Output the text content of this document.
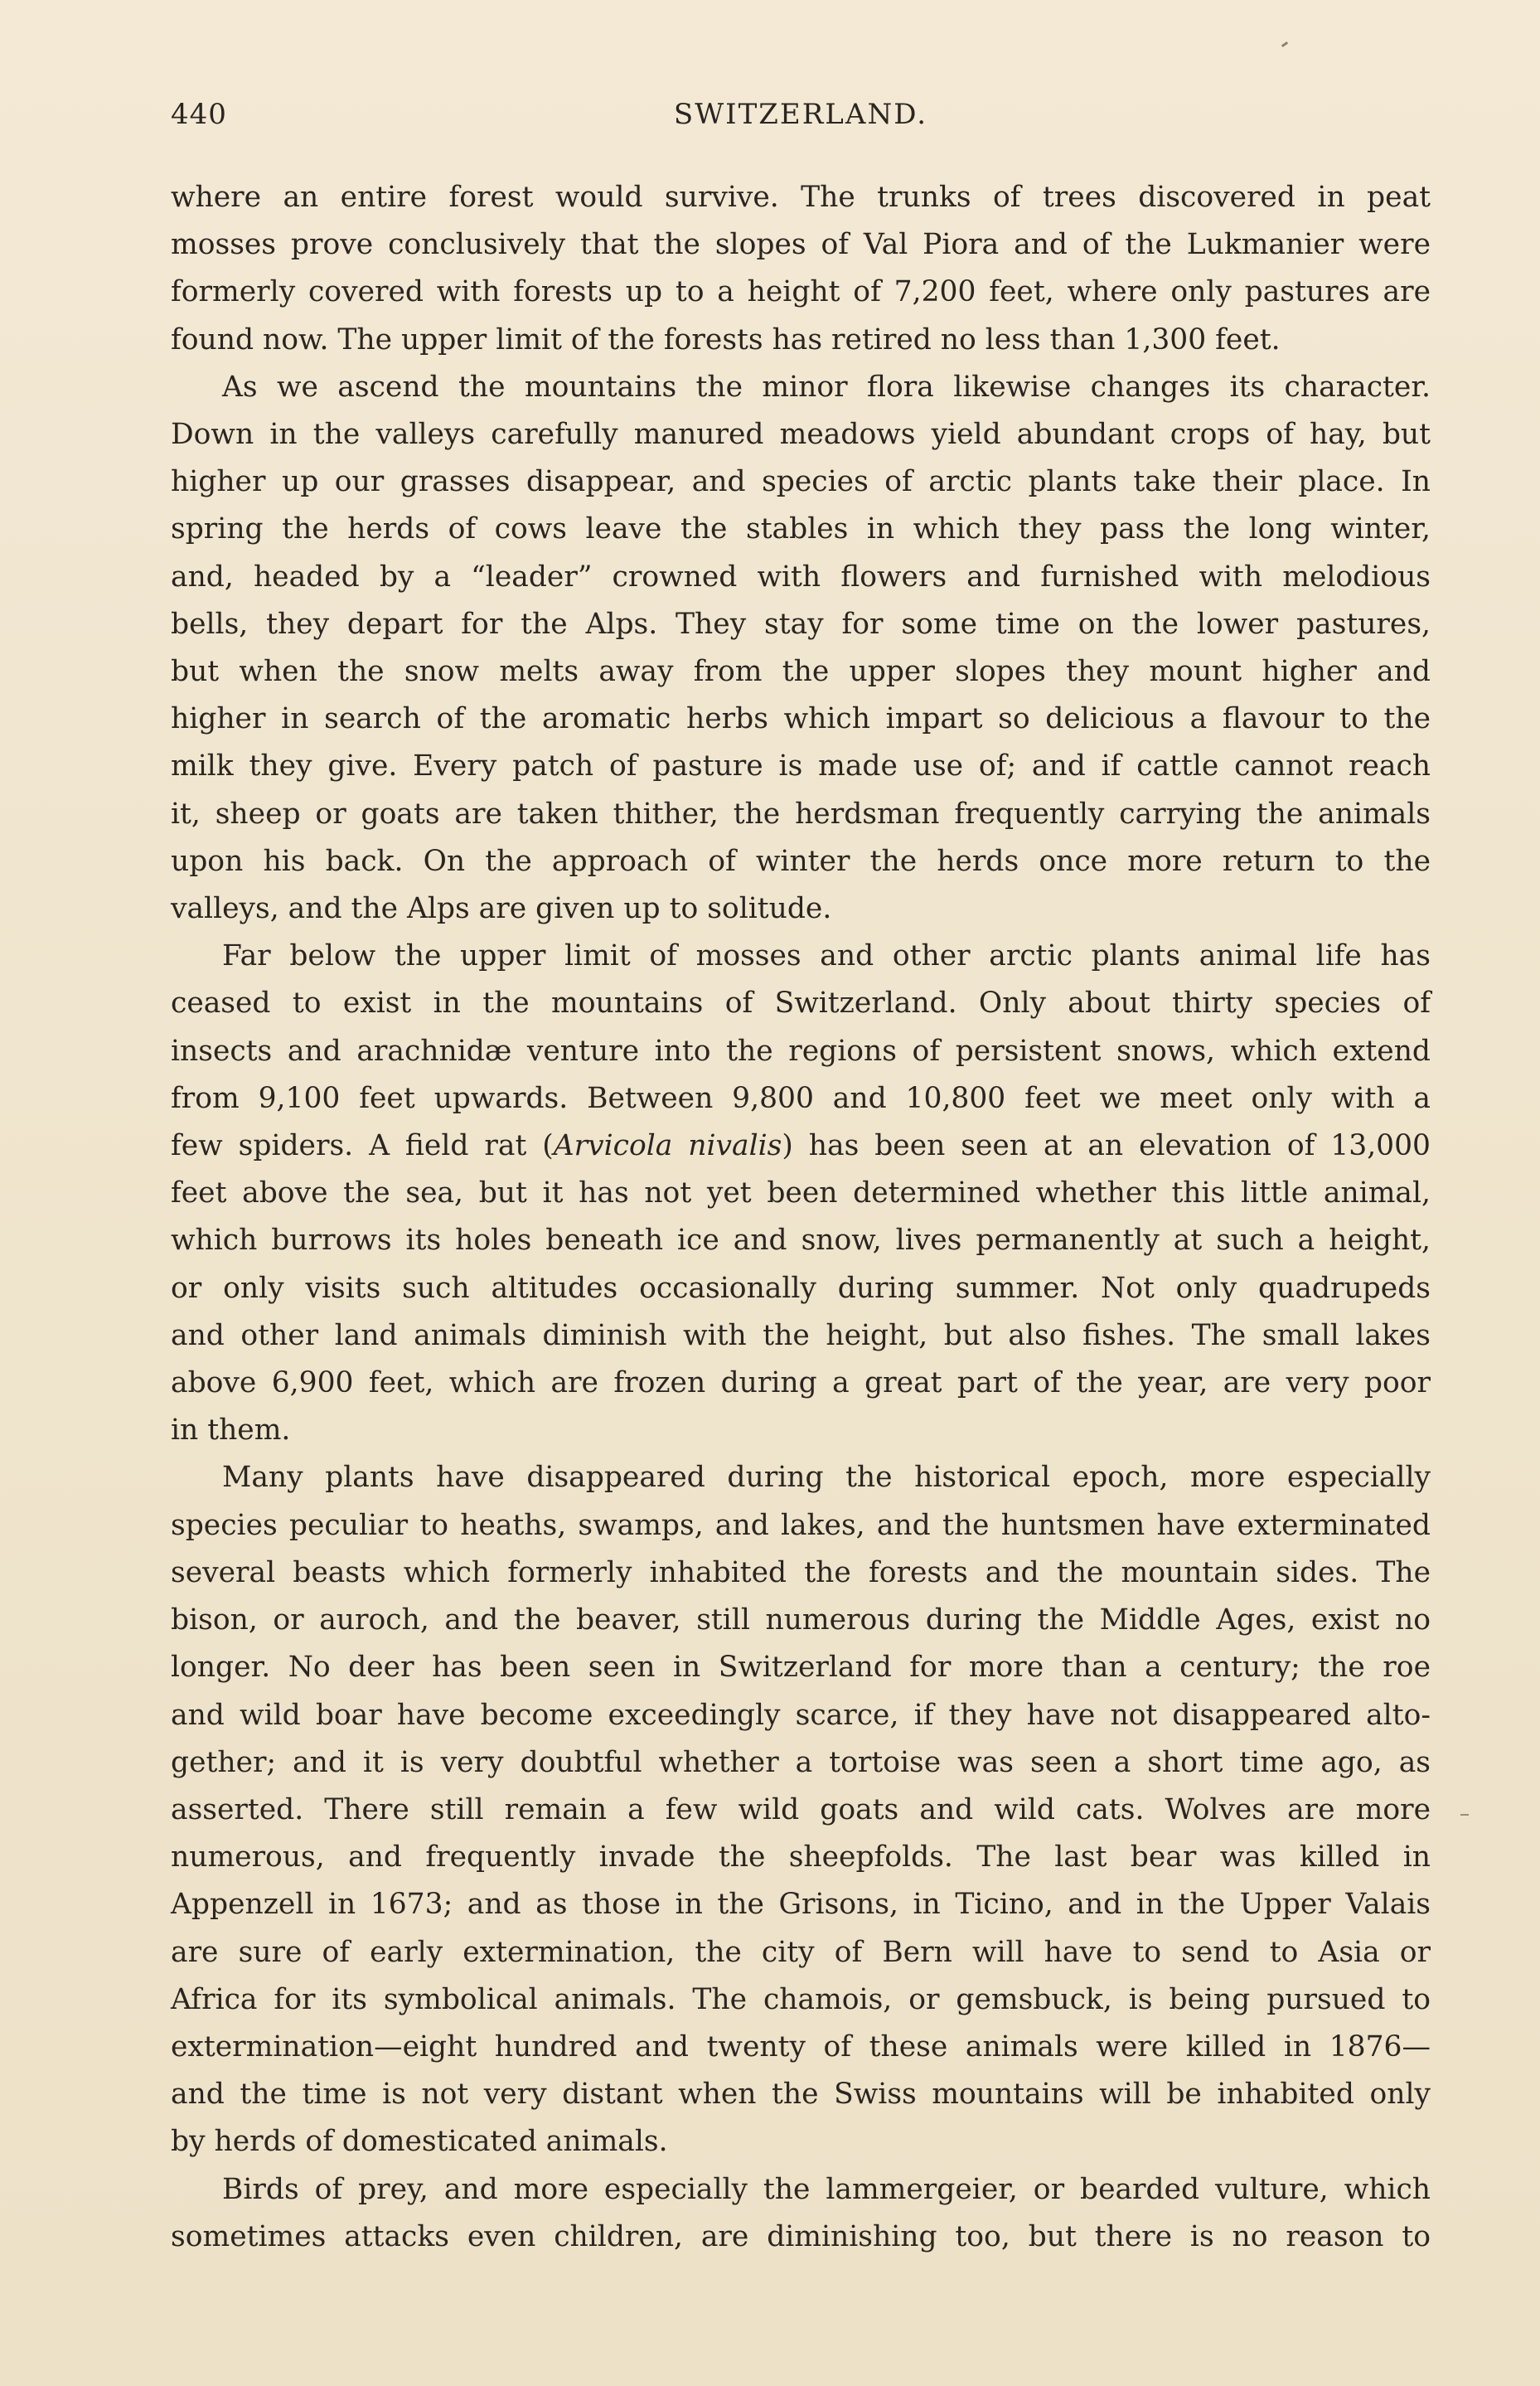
440	SWITZERLAND.

where an entire forest would survive. The trunks of trees discovered in peat
mosses prove conclusively that the slopes of Val Piora and of the Lukmanier were
formerly covered with forests up to a height of 7,200 feet, where only pastures are
found now. The upper limit of the forests has retired no less than 1,300 feet.

As we ascend the mountains the minor flora likewise changes its character.
Down in the valleys carefully manured meadows yield abundant crops of hay, but
higher up our grasses disappear, and species of arctic plants take their place. In
spring the herds of cows leave the stables in which they pass the long winter,
and, headed by a “leader” crowned with flowers and furnished with melodious
bells, they depart for the Alps. They stay for some time on the lower pastures,
but when the snow melts away from the upper slopes they mount higher and
higher in search of the aromatic herbs which impart so delicious a flavour to the
milk they give. Every patch of pasture is made use of; and if cattle cannot reach
it, sheep or goats are taken thither, the herdsman frequently carrying the animals
upon his back. On the approach of winter the herds once more return to the
valleys, and the Alps are given up to solitude.

Far below the upper limit of mosses and other arctic plants animal life has
ceased to exist in the mountains of Switzerland. Only about thirty species of
insects and arachnidæ venture into the regions of persistent snows, which extend
from 9,100 feet upwards. Between 9,800 and 10,800 feet we meet only with a
few spiders. A field rat (Arvicola nivalis) has been seen at an elevation of 13,000
feet above the sea, but it has not yet been determined whether this little animal,
which burrows its holes beneath ice and snow, lives permanently at such a height,
or only visits such altitudes occasionally during summer. Not only quadrupeds
and other land animals diminish with the height, but also fishes. The small lakes
above 6,900 feet, which are frozen during a great part of the year, are very poor
in them.

Many plants have disappeared during the historical epoch, more especially
species peculiar to heaths, swamps, and lakes, and the huntsmen have exterminated
several beasts which formerly inhabited the forests and the mountain sides. The
bison, or auroch, and the beaver, still numerous during the Middle Ages, exist no
longer. No deer has been seen in Switzerland for more than a century; the roe
and wild boar have become exceedingly scarce, if they have not disappeared alto-
gether; and it is very doubtful whether a tortoise was seen a short time ago, as
asserted. There still remain a few wild goats and wild cats. Wolves are more
numerous, and frequently invade the sheepfolds. The last bear was killed in
Appenzell in 1673; and as those in the Grisons, in Ticino, and in the Upper Valais
are sure of early extermination, the city of Bern will have to send to Asia or
Africa for its symbolical animals. The chamois, or gemsbuck, is being pursued to
extermination—eight hundred and twenty of these animals were killed in 1876—
and the time is not very distant when the Swiss mountains will be inhabited only
by herds of domesticated animals.

Birds of prey, and more especially the lammergeier, or bearded vulture, which
sometimes attacks even children, are diminishing too, but there is no reason to
